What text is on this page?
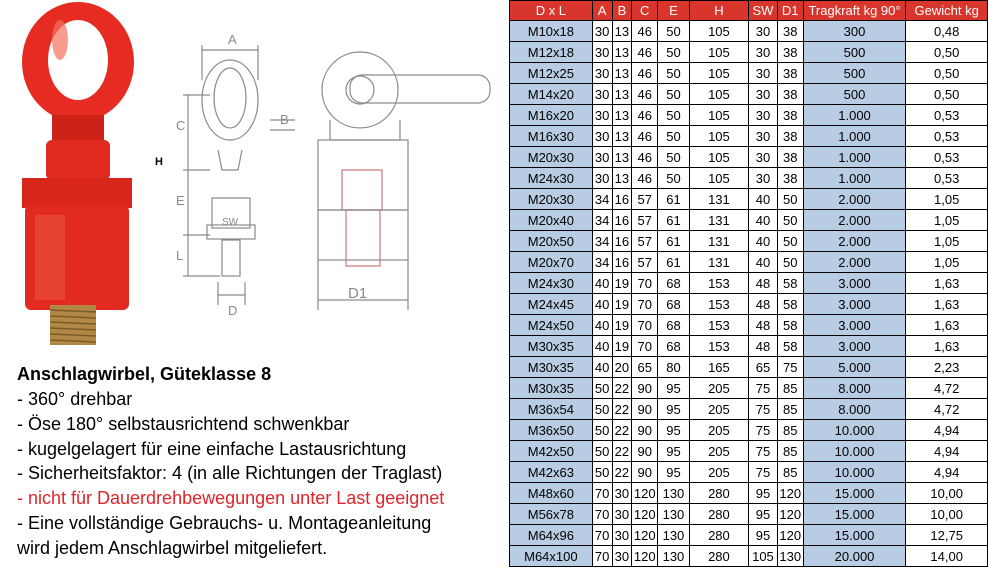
H
A
C	B
E
L
D
SW
D1
Anschlagwirbel, Güteklasse 8
- 360° drehbar
- Öse 180° selbstausrichtend schwenkbar
- kugelgelagert für eine einfache Lastausrichtung
- Sicherheitsfaktor: 4 (in alle Richtungen der Traglast)
- nicht für Dauerdrehbewegungen unter Last geeignet
- Eine vollständige Gebrauchs- u. Montageanleitung
wird jedem Anschlagwirbel mitgeliefert.
D x L	A	B	C	E	H	SW	D1	Tragkraft kg 90°	Gewicht kg
M10x18	30	13	46	50	105	30	38	300	0,48
M12x18	30	13	46	50	105	30	38	500	0,50
M12x25	30	13	46	50	105	30	38	500	0,50
M14x20	30	13	46	50	105	30	38	500	0,50
M16x20	30	13	46	50	105	30	38	1.000	0,53
M16x30	30	13	46	50	105	30	38	1.000	0,53
M20x30	30	13	46	50	105	30	38	1.000	0,53
M24x30	30	13	46	50	105	30	38	1.000	0,53
M20x30	34	16	57	61	131	40	50	2.000	1,05
M20x40	34	16	57	61	131	40	50	2.000	1,05
M20x50	34	16	57	61	131	40	50	2.000	1,05
M20x70	34	16	57	61	131	40	50	2.000	1,05
M24x30	40	19	70	68	153	48	58	3.000	1,63
M24x45	40	19	70	68	153	48	58	3.000	1,63
M24x50	40	19	70	68	153	48	58	3.000	1,63
M30x35	40	19	70	68	153	48	58	3.000	1,63
M30x35	40	20	65	80	165	65	75	5.000	2,23
M30x35	50	22	90	95	205	75	85	8.000	4,72
M36x54	50	22	90	95	205	75	85	8.000	4,72
M36x50	50	22	90	95	205	75	85	10.000	4,94
M42x50	50	22	90	95	205	75	85	10.000	4,94
M42x63	50	22	90	95	205	75	85	10.000	4,94
M48x60	70	30	120	130	280	95	120	15.000	10,00
M56x78	70	30	120	130	280	95	120	15.000	10,00
M64x96	70	30	120	130	280	95	120	15.000	12,75
M64x100	70	30	120	130	280	105	130	20.000	14,00
